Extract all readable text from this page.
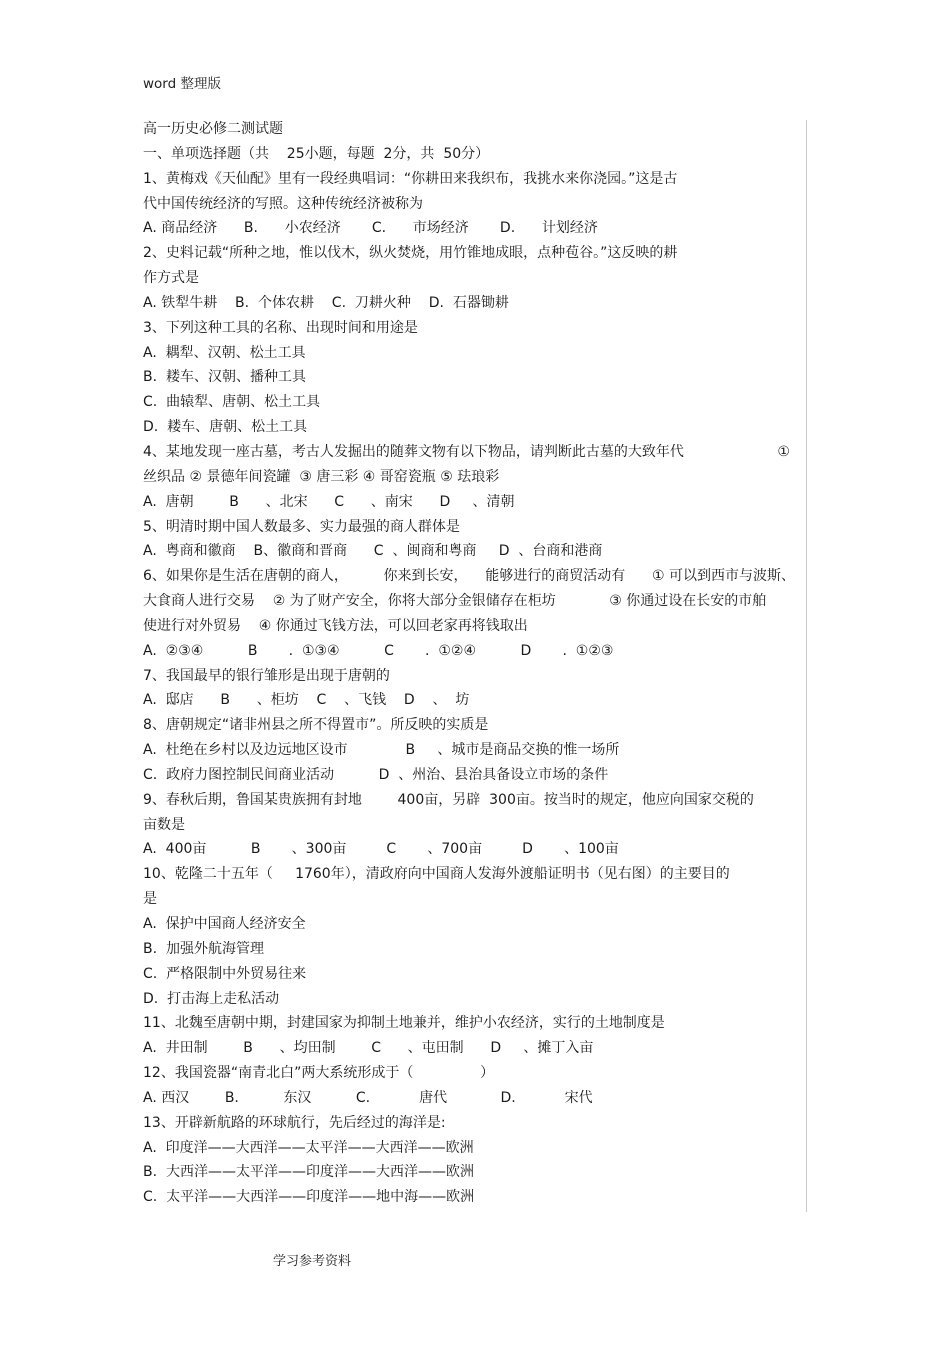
word 整理版
高一历史必修二测试题
一、单项选择题（共    25小题，每题  2分，共  50分）
1、黄梅戏《天仙配》里有一段经典唱词：“你耕田来我织布，我挑水来你浇园。”这是古
代中国传统经济的写照。这种传统经济被称为
A. 商品经济      B.      小农经济       C.      市场经济       D.      计划经济
2、史料记载“所种之地，惟以伐木，纵火焚烧，用竹锥地成眼，点种苞谷。”这反映的耕
作方式是
A. 铁犁牛耕    B.  个体农耕    C.  刀耕火种    D.  石器锄耕
3、下列这种工具的名称、出现时间和用途是
A.  耦犁、汉朝、松土工具
B.  耧车、汉朝、播种工具
C.  曲辕犁、唐朝、松土工具
D.  耧车、唐朝、松土工具
4、某地发现一座古墓，考古人发掘出的随葬文物有以下物品，请判断此古墓的大致年代                     ①
丝织品 ② 景德年间瓷罐  ③ 唐三彩 ④ 哥窑瓷瓶 ⑤ 珐琅彩
A.  唐朝        B      、北宋      C      、南宋      D     、清朝
5、明清时期中国人数最多、实力最强的商人群体是
A.  粤商和徽商    B、徽商和晋商      C  、闽商和粤商     D  、台商和港商
6、如果你是生活在唐朝的商人，        你来到长安，    能够进行的商贸活动有      ① 可以到西市与波斯、
大食商人进行交易    ② 为了财产安全，你将大部分金银储存在柜坊            ③ 你通过设在长安的市舶
使进行对外贸易    ④ 你通过飞钱方法，可以回老家再将钱取出
A.  ②③④          B       .  ①③④          C       .  ①②④          D       .  ①②③
7、我国最早的银行雏形是出现于唐朝的
A.  邸店      B      、柜坊    C    、飞钱    D    、  坊
8、唐朝规定“诸非州县之所不得置市”。所反映的实质是
A.  杜绝在乡村以及边远地区设市             B     、城市是商品交换的惟一场所
C.  政府力图控制民间商业活动          D  、州治、县治具备设立市场的条件
9、春秋后期，鲁国某贵族拥有封地        400亩，另辟  300亩。按当时的规定，他应向国家交税的
亩数是
A.  400亩          B       、300亩         C       、700亩         D       、100亩
10、乾隆二十五年（     1760年），清政府向中国商人发海外渡船证明书（见右图）的主要目的
是
A.  保护中国商人经济安全
B.  加强外航海管理
C.  严格限制中外贸易往来
D.  打击海上走私活动
11、北魏至唐朝中期，封建国家为抑制土地兼并，维护小农经济，实行的土地制度是
A.  井田制        B      、均田制        C      、屯田制      D     、摊丁入亩
12、我国瓷器“南青北白”两大系统形成于（               ）
A. 西汉        B.          东汉          C.           唐代            D.           宋代
13、开辟新航路的环球航行，先后经过的海洋是:
A.  印度洋——大西洋——太平洋——大西洋——欧洲
B.  大西洋——太平洋——印度洋——大西洋——欧洲
C.  太平洋——大西洋——印度洋——地中海——欧洲
学习参考资料
